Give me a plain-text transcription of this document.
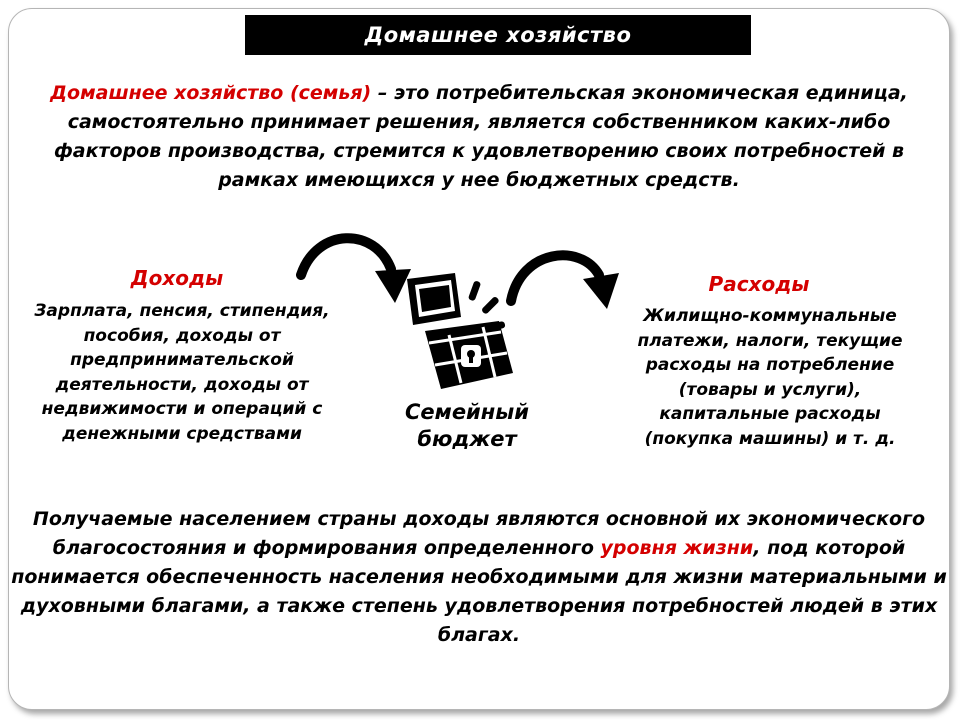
Домашнее хозяйство
Домашнее хозяйство (семья) – это потребительская экономическая единица, самостоятельно принимает решения, является собственником каких-либо факторов производства, стремится к удовлетворению своих потребностей в рамках имеющихся у нее бюджетных средств.
Доходы
Зарплата, пенсия, стипендия, пособия, доходы от предпринимательской деятельности, доходы от недвижимости и операций с денежными средствами
Семейный бюджет
Расходы
Жилищно-коммунальные платежи, налоги, текущие расходы на потребление (товары и услуги), капитальные расходы (покупка машины) и т. д.
Получаемые населением страны доходы являются основной их экономического благосостояния и формирования определенного уровня жизни, под которой понимается обеспеченность населения необходимыми для жизни материальными и духовными благами, а также степень удовлетворения потребностей людей в этих благах.
